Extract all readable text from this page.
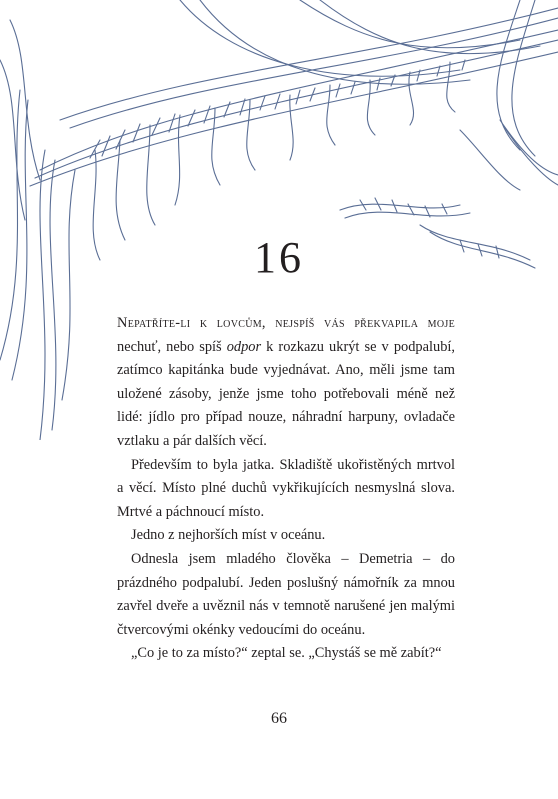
16

Nepatříte-li k lovcům, nejspíš vás překvapila moje nechuť, nebo spíš odpor k rozkazu ukrýt se v podpalubí, zatímco kapitánka bude vyjednávat. Ano, měli jsme tam uložené zásoby, jenže jsme toho potřebovali méně než lidé: jídlo pro případ nouze, náhradní harpuny, ovladače vztlaku a pár dalších věcí.

Především to byla jatka. Skladiště ukořistěných mrtvol a věcí. Místo plné duchů vykřikujících nesmyslná slova. Mrtvé a páchnoucí místo.

Jedno z nejhorších míst v oceánu.

Odnesla jsem mladého člověka – Demetria – do prázdného podpalubí. Jeden poslušný námořník za mnou zavřel dveře a uvěznil nás v temnotě narušené jen malými čtvercovými okénky vedoucími do oceánu.

„Co je to za místo?“ zeptal se. „Chystáš se mě zabít?“

66
